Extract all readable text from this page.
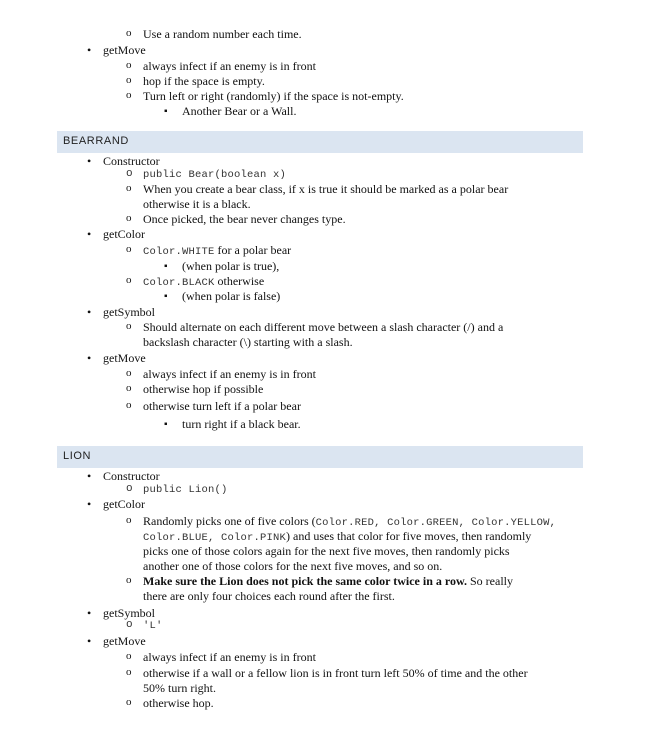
o Use a random number each time.
• getMove
o always infect if an enemy is in front
o hop if the space is empty.
o Turn left or right (randomly) if the space is not-empty.
▪ Another Bear or a Wall.
BEARRAND
• Constructor
o public Bear(boolean x)
o When you create a bear class, if x is true it should be marked as a polar bear
otherwise it is a black.
o Once picked, the bear never changes type.
• getColor
o Color.WHITE for a polar bear
▪ (when polar is true),
o Color.BLACK otherwise
▪ (when polar is false)
• getSymbol
o Should alternate on each different move between a slash character (/) and a
backslash character (\) starting with a slash.
• getMove
o always infect if an enemy is in front
o otherwise hop if possible
o otherwise turn left if a polar bear
▪ turn right if a black bear.
LION
• Constructor
o public Lion()
• getColor
o Randomly picks one of five colors (Color.RED, Color.GREEN, Color.YELLOW,
Color.BLUE, Color.PINK) and uses that color for five moves, then randomly
picks one of those colors again for the next five moves, then randomly picks
another one of those colors for the next five moves, and so on.
o Make sure the Lion does not pick the same color twice in a row. So really
there are only four choices each round after the first.
• getSymbol
o 'L'
• getMove
o always infect if an enemy is in front
o otherwise if a wall or a fellow lion is in front turn left 50% of time and the other
50% turn right.
o otherwise hop.
